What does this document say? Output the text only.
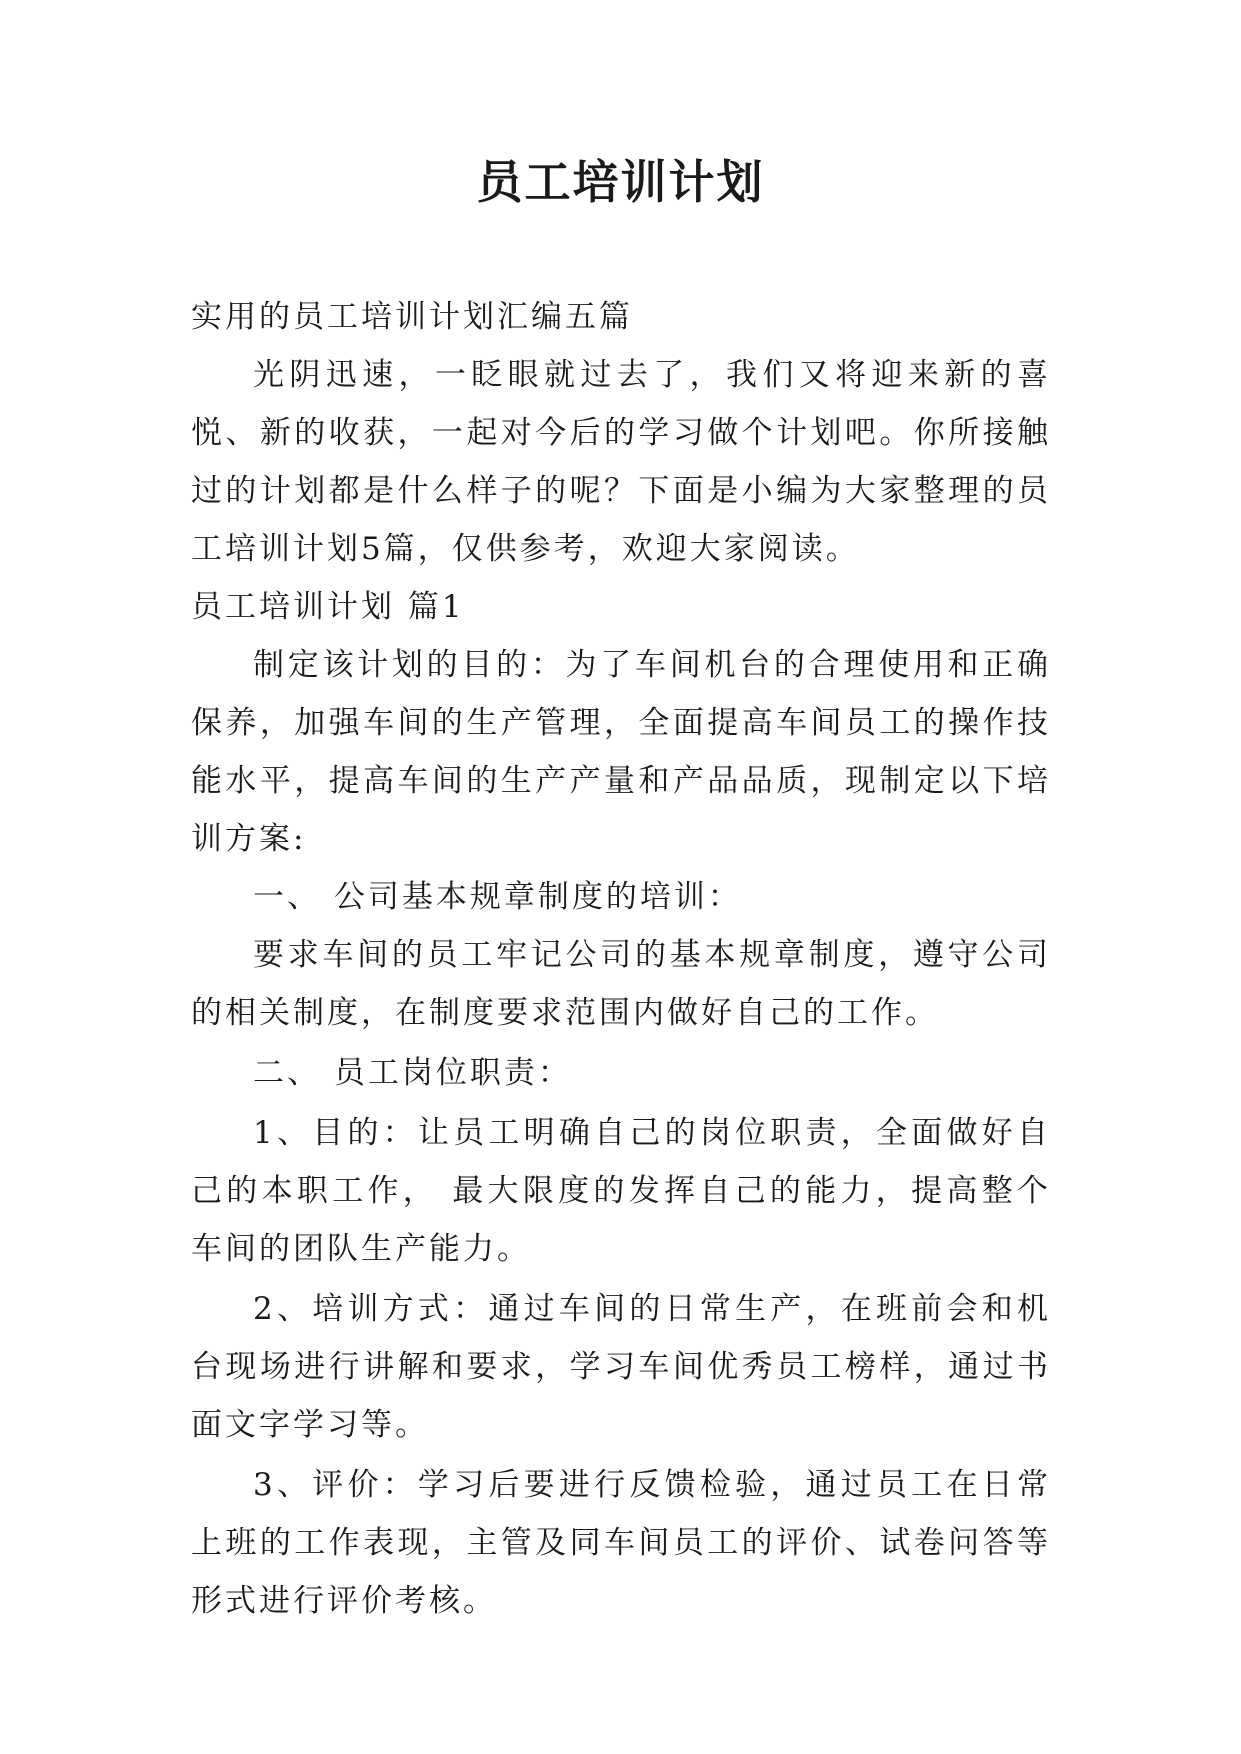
员工培训计划

实用的员工培训计划汇编五篇

光阴迅速，一眨眼就过去了，我们又将迎来新的喜悦、新的收获，一起对今后的学习做个计划吧。你所接触过的计划都是什么样子的呢？下面是小编为大家整理的员工培训计划5篇，仅供参考，欢迎大家阅读。

员工培训计划 篇1

制定该计划的目的：为了车间机台的合理使用和正确保养，加强车间的生产管理，全面提高车间员工的操作技能水平，提高车间的生产产量和产品品质，现制定以下培训方案:

一、 公司基本规章制度的培训：

要求车间的员工牢记公司的基本规章制度，遵守公司的相关制度，在制度要求范围内做好自己的工作。

二、 员工岗位职责：

1、目的：让员工明确自己的岗位职责，全面做好自己的本职工作， 最大限度的发挥自己的能力，提高整个车间的团队生产能力。

2、培训方式：通过车间的日常生产，在班前会和机台现场进行讲解和要求，学习车间优秀员工榜样，通过书面文字学习等。

3、评价：学习后要进行反馈检验，通过员工在日常上班的工作表现，主管及同车间员工的评价、试卷问答等形式进行评价考核。
